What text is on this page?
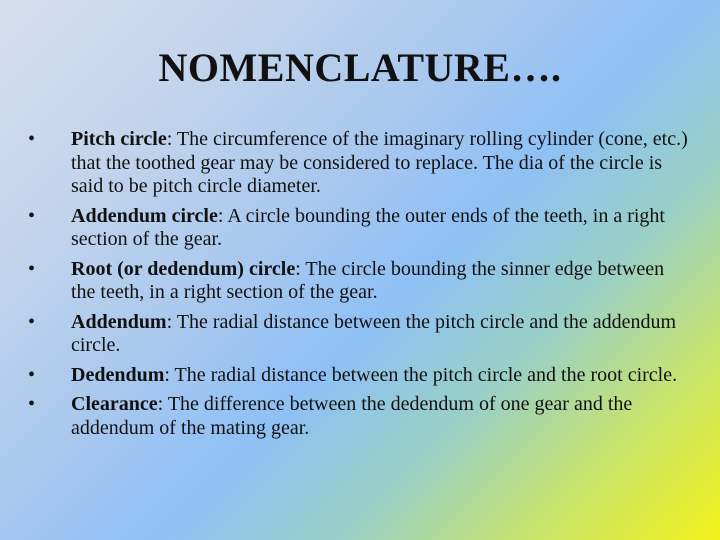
NOMENCLATURE….
•	Pitch circle: The circumference of the imaginary rolling cylinder (cone, etc.) that the toothed gear may be considered to replace. The dia of the circle is said to be pitch circle diameter.
•	Addendum circle: A circle bounding the outer ends of the teeth, in a right section of the gear.
•	Root (or dedendum) circle: The circle bounding the sinner edge between the teeth, in a right section of the gear.
•	Addendum: The radial distance between the pitch circle and the addendum circle.
•	Dedendum: The radial distance between the pitch circle and the root circle.
•	Clearance: The difference between the dedendum of one gear and the addendum of the mating gear.
